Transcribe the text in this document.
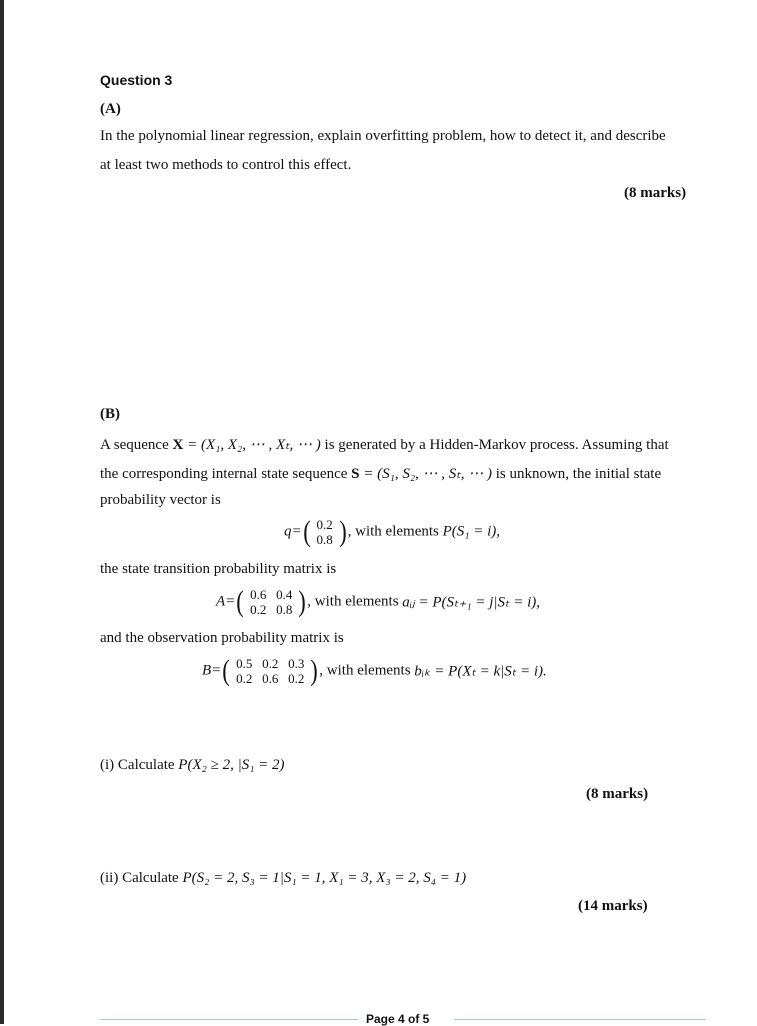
Question 3
(A)
In the polynomial linear regression, explain overfitting problem, how to detect it, and describe
at least two methods to control this effect.
(8 marks)
(B)
A sequence X = (X₁, X₂, ⋯ , Xₜ, ⋯ ) is generated by a Hidden-Markov process. Assuming that
the corresponding internal state sequence S = (S₁, S₂, ⋯ , Sₜ, ⋯ ) is unknown, the initial state
probability vector is
q=( 0.2
0.8 ), with elements P(S₁ = i),
the state transition probability matrix is
A=( 0.6 0.4
0.2 0.8 ), with elements aᵢⱼ = P(Sₜ₊₁ = j|Sₜ = i),
and the observation probability matrix is
B=( 0.5 0.2 0.3
0.2 0.6 0.2 ), with elements bᵢₖ = P(Xₜ = k|Sₜ = i).
(i) Calculate P(X₂ ≥ 2, |S₁ = 2)
(8 marks)
(ii) Calculate P(S₂ = 2, S₃ = 1|S₁ = 1, X₁ = 3, X₃ = 2, S₄ = 1)
(14 marks)
Page 4 of 5
